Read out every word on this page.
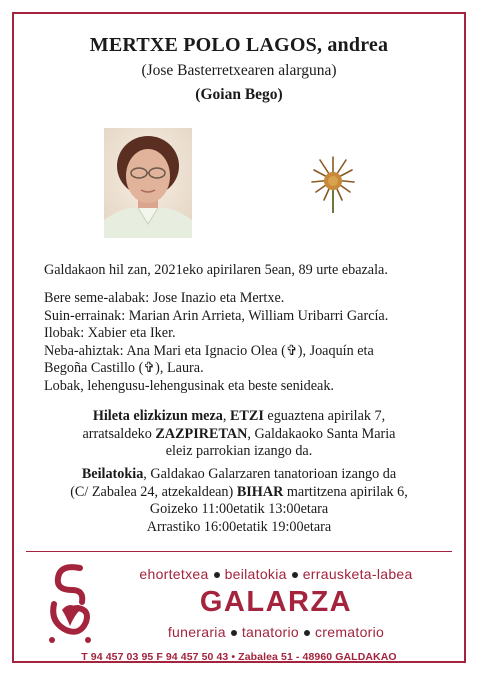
MERTXE POLO LAGOS, andrea
(Jose Basterretxearen alarguna)
(Goian Bego)
Galdakaon hil zan, 2021eko apirilaren 5ean, 89 urte ebazala.
Bere seme-alabak: Jose Inazio eta Mertxe.
Suin-errainak: Marian Arin Arrieta, William Uribarri García.
Ilobak: Xabier eta Iker.
Neba-ahiztak: Ana Mari eta Ignacio Olea (✞), Joaquín eta
Begoña Castillo (✞), Laura.
Lobak, lehengusu-lehengusinak eta beste senideak.
Hileta elizkizun meza, ETZI eguaztena apirilak 7,
arratsaldeko ZAZPIRETAN, Galdakaoko Santa Maria
eleiz parrokian izango da.
Beilatokia, Galdakao Galarzaren tanatorioan izango da
(C/ Zabalea 24, atzekaldean) BIHAR martitzena apirilak 6,
Goizeko 11:00etatik 13:00etara
Arrastiko 16:00etatik 19:00etara
ehortetxea beilatokia errausketa-labea
GALARZA
funeraria tanatorio crematorio
T 94 457 03 95 F 94 457 50 43 • Zabalea 51 - 48960 GALDAKAO
